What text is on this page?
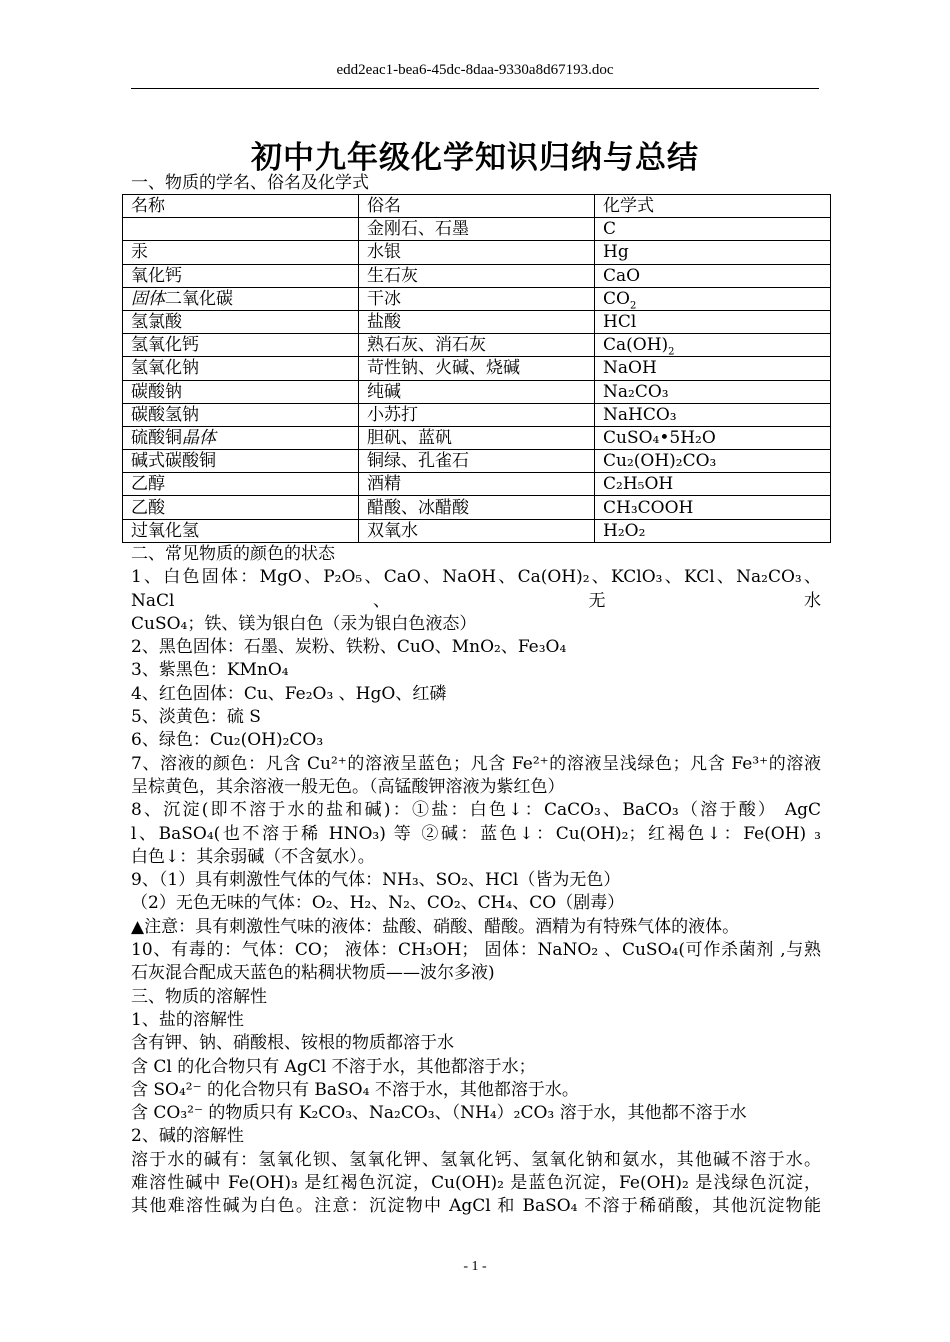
edd2eac1-bea6-45dc-8daa-9330a8d67193.doc
初中九年级化学知识归纳与总结
一、物质的学名、俗名及化学式
名称	俗名	化学式
	金刚石、石墨	C
汞	水银	Hg
氧化钙	生石灰	CaO
固体二氧化碳	干冰	$CO_2$
氢氯酸	盐酸	HCl
氢氧化钙	熟石灰、消石灰	$Ca(OH)_2$
氢氧化钠	苛性钠、火碱、烧碱	NaOH
碳酸钠	纯碱	Na₂CO₃
碳酸氢钠	小苏打	NaHCO₃
硫酸铜晶体	胆矾、蓝矾	CuSO₄•5H₂O
碱式碳酸铜	铜绿、孔雀石	Cu₂(OH)₂CO₃
乙醇	酒精	C₂H₅OH
乙酸	醋酸、冰醋酸	CH₃COOH
过氧化氢	双氧水	H₂O₂

二、常见物质的颜色的状态

1、白色固体：MgO、P₂O₅、CaO、NaOH、Ca(OH)₂、KClO₃、KCl、Na₂CO₃、NaCl、无水

CuSO₄；铁、镁为银白色（汞为银白色液态）

2、黑色固体：石墨、炭粉、铁粉、CuO、MnO₂、Fe₃O₄

3、紫黑色：KMnO₄

4、红色固体：Cu、Fe₂O₃ 、HgO、红磷

5、淡黄色：硫 S

6、绿色：Cu₂(OH)₂CO₃

7、溶液的颜色：凡含 Cu²⁺的溶液呈蓝色；凡含 Fe²⁺的溶液呈浅绿色；凡含 Fe³⁺的溶液

呈棕黄色，其余溶液一般无色。（高锰酸钾溶液为紫红色）

8、沉淀(即不溶于水的盐和碱)：①盐：白色↓：CaCO₃、BaCO₃（溶于酸） AgC

l、BaSO₄(也不溶于稀 HNO₃) 等 ②碱：蓝色↓：Cu(OH)₂；红褐色↓：Fe(OH) ₃

白色↓：其余弱碱（不含氨水）。

9、（1）具有刺激性气体的气体：NH₃、SO₂、HCl（皆为无色）

（2）无色无味的气体：O₂、H₂、N₂、CO₂、CH₄、CO（剧毒）

▲注意：具有刺激性气味的液体：盐酸、硝酸、醋酸。酒精为有特殊气体的液体。

10、有毒的：气体：CO； 液体：CH₃OH； 固体：NaNO₂ 、CuSO₄(可作杀菌剂 ,与熟

石灰混合配成天蓝色的粘稠状物质——波尔多液)

三、物质的溶解性

1、盐的溶解性

含有钾、钠、硝酸根、铵根的物质都溶于水

含 Cl 的化合物只有 AgCl 不溶于水，其他都溶于水；

含 SO₄²⁻ 的化合物只有 BaSO₄ 不溶于水，其他都溶于水。

含 CO₃²⁻ 的物质只有 K₂CO₃、Na₂CO₃、（NH₄）₂CO₃ 溶于水，其他都不溶于水

2、碱的溶解性

溶于水的碱有：氢氧化钡、氢氧化钾、氢氧化钙、氢氧化钠和氨水，其他碱不溶于水。

难溶性碱中 Fe(OH)₃ 是红褐色沉淀，Cu(OH)₂ 是蓝色沉淀，Fe(OH)₂ 是浅绿色沉淀，

其他难溶性碱为白色。注意：沉淀物中 AgCl 和 BaSO₄ 不溶于稀硝酸，其他沉淀物能

- 1 -
